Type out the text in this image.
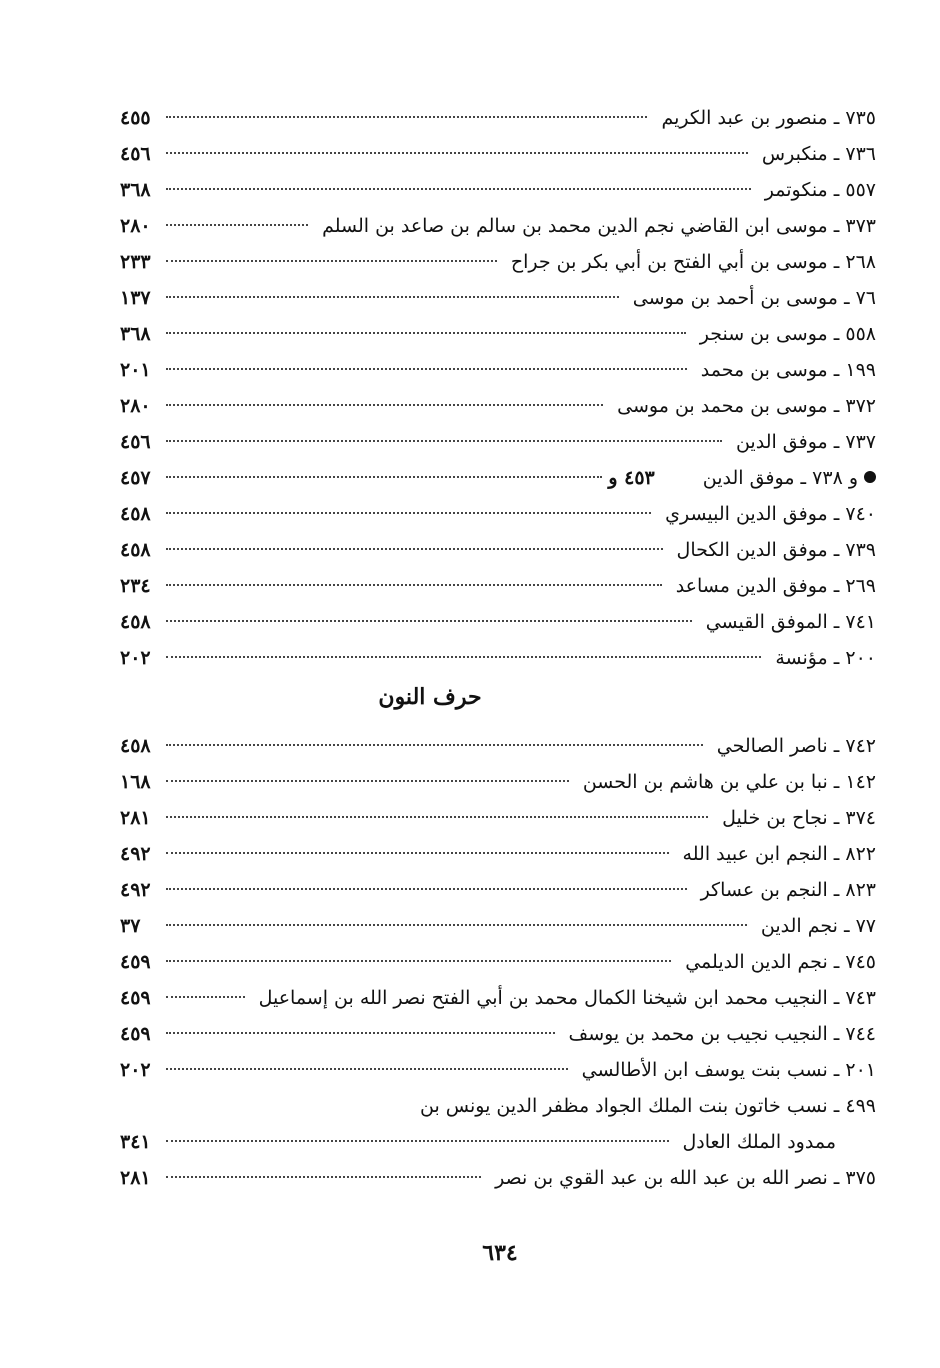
٧٣٥ ـ منصور بن عبد الكريم
٤٥٥
٧٣٦ ـ منكبرس
٤٥٦
٥٥٧ ـ منكوتمر
٣٦٨
٣٧٣ ـ موسى ابن القاضي نجم الدين محمد بن سالم بن صاعد بن السلم
٢٨٠
٢٦٨ ـ موسى بن أبي الفتح بن أبي بكر بن جراح
٢٣٣
٧٦ ـ موسى بن أحمد بن موسى
١٣٧
٥٥٨ ـ موسى بن سنجر
٣٦٨
١٩٩ ـ موسى بن محمد
٢٠١
٣٧٢ ـ موسى بن محمد بن موسى
٢٨٠
٧٣٧ ـ موفق الدين
٤٥٦
و ٧٣٨ ـ موفق الدين
٤٥٣ و
٤٥٧
٧٤٠ ـ موفق الدين البيسري
٤٥٨
٧٣٩ ـ موفق الدين الكحال
٤٥٨
٢٦٩ ـ موفق الدين مساعد
٢٣٤
٧٤١ ـ الموفق القيسي
٤٥٨
٢٠٠ ـ مؤنسة
٢٠٢
حرف النون
٧٤٢ ـ ناصر الصالحي
٤٥٨
١٤٢ ـ نبا بن علي بن هاشم بن الحسن
١٦٨
٣٧٤ ـ نجاح بن خليل
٢٨١
٨٢٢ ـ النجم ابن عبيد الله
٤٩٢
٨٢٣ ـ النجم بن عساكر
٤٩٢
٧٧ ـ نجم الدين
٣٧
٧٤٥ ـ نجم الدين الديلمي
٤٥٩
٧٤٣ ـ النجيب محمد ابن شيخنا الكمال محمد بن أبي الفتح نصر الله بن إسماعيل
٤٥٩
٧٤٤ ـ النجيب نجيب بن محمد بن يوسف
٤٥٩
٢٠١ ـ نسب بنت يوسف ابن الأطالسي
٢٠٢
٤٩٩ ـ نسب خاتون بنت الملك الجواد مظفر الدين يونس بن
ممدود الملك العادل
٣٤١
٣٧٥ ـ نصر الله بن عبد الله بن عبد القوي بن نصر
٢٨١
٦٣٤
